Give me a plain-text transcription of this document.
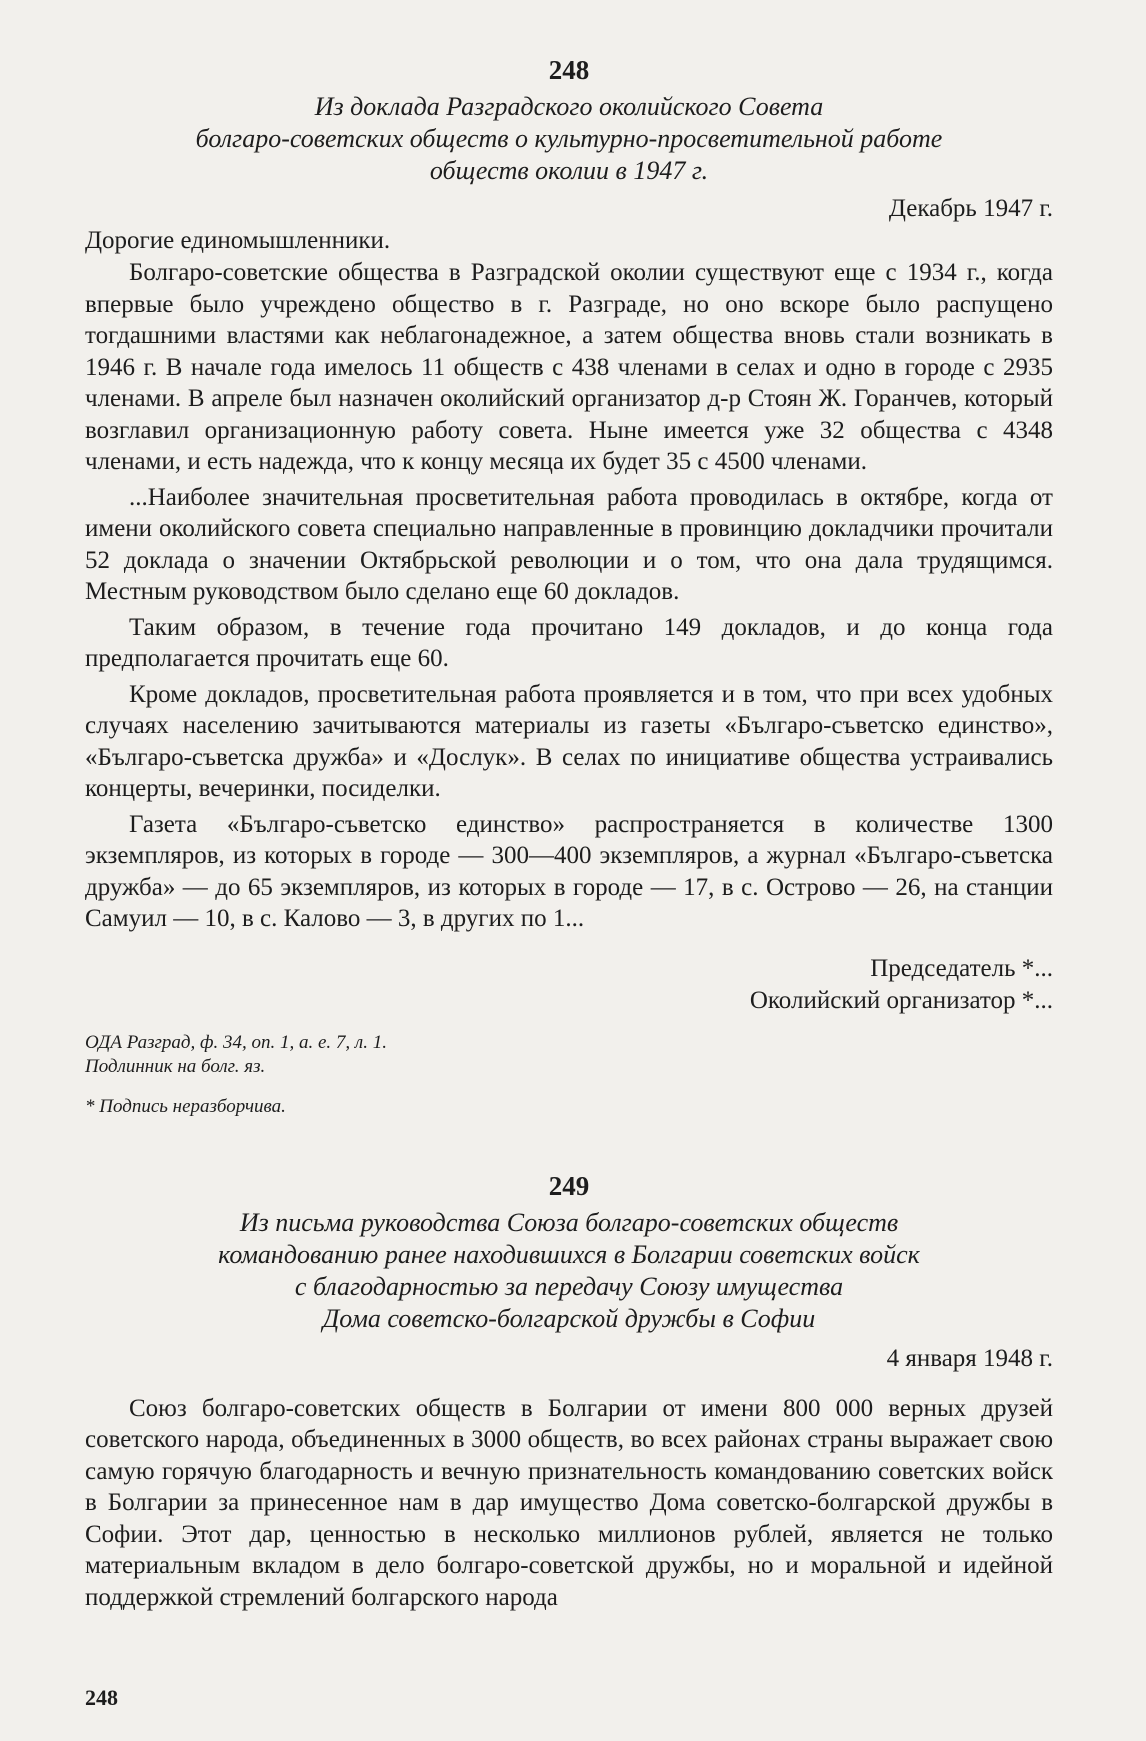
248
Из доклада Разградского околийского Совета
болгаро-советских обществ о культурно-просветительной работе
обществ околии в 1947 г.
Декабрь 1947 г.
Дорогие единомышленники.

Болгаро-советские общества в Разградской околии существуют еще с 1934 г., когда впервые было учреждено общество в г. Разграде, но оно вскоре было распущено тогдашними властями как неблагонадежное, а затем общества вновь стали возникать в 1946 г. В начале года имелось 11 обществ с 438 членами в селах и одно в городе с 2935 членами. В апреле был назначен околийский организатор д-р Стоян Ж. Горанчев, который возглавил организационную работу совета. Ныне имеется уже 32 общества с 4348 членами, и есть надежда, что к концу месяца их будет 35 с 4500 членами.

...Наиболее значительная просветительная работа проводилась в октябре, когда от имени околийского совета специально направленные в провинцию докладчики прочитали 52 доклада о значении Октябрьской революции и о том, что она дала трудящимся. Местным руководством было сделано еще 60 докладов.

Таким образом, в течение года прочитано 149 докладов, и до конца года предполагается прочитать еще 60.

Кроме докладов, просветительная работа проявляется и в том, что при всех удобных случаях населению зачитываются материалы из газеты «Българо-съветско единство», «Българо-съветска дружба» и «Дослук». В селах по инициативе общества устраивались концерты, вечеринки, посиделки.

Газета «Българо-съветско единство» распространяется в количестве 1300 экземпляров, из которых в городе — 300—400 экземпляров, а журнал «Българо-съветска дружба» — до 65 экземпляров, из которых в городе — 17, в с. Острово — 26, на станции Самуил — 10, в с. Калово — 3, в других по 1...

Председатель *...
Околийский организатор *...
ОДА Разград, ф. 34, оп. 1, а. е. 7, л. 1.
Подлинник на болг. яз.
* Подпись неразборчива.
249
Из письма руководства Союза болгаро-советских обществ
командованию ранее находившихся в Болгарии советских войск
с благодарностью за передачу Союзу имущества
Дома советско-болгарской дружбы в Софии
4 января 1948 г.

Союз болгаро-советских обществ в Болгарии от имени 800 000 верных друзей советского народа, объединенных в 3000 обществ, во всех районах страны выражает свою самую горячую благодарность и вечную признательность командованию советских войск в Болгарии за принесенное нам в дар имущество Дома советско-болгарской дружбы в Софии. Этот дар, ценностью в несколько миллионов рублей, является не только материальным вкладом в дело болгаро-советской дружбы, но и моральной и идейной поддержкой стремлений болгарского народа

248
